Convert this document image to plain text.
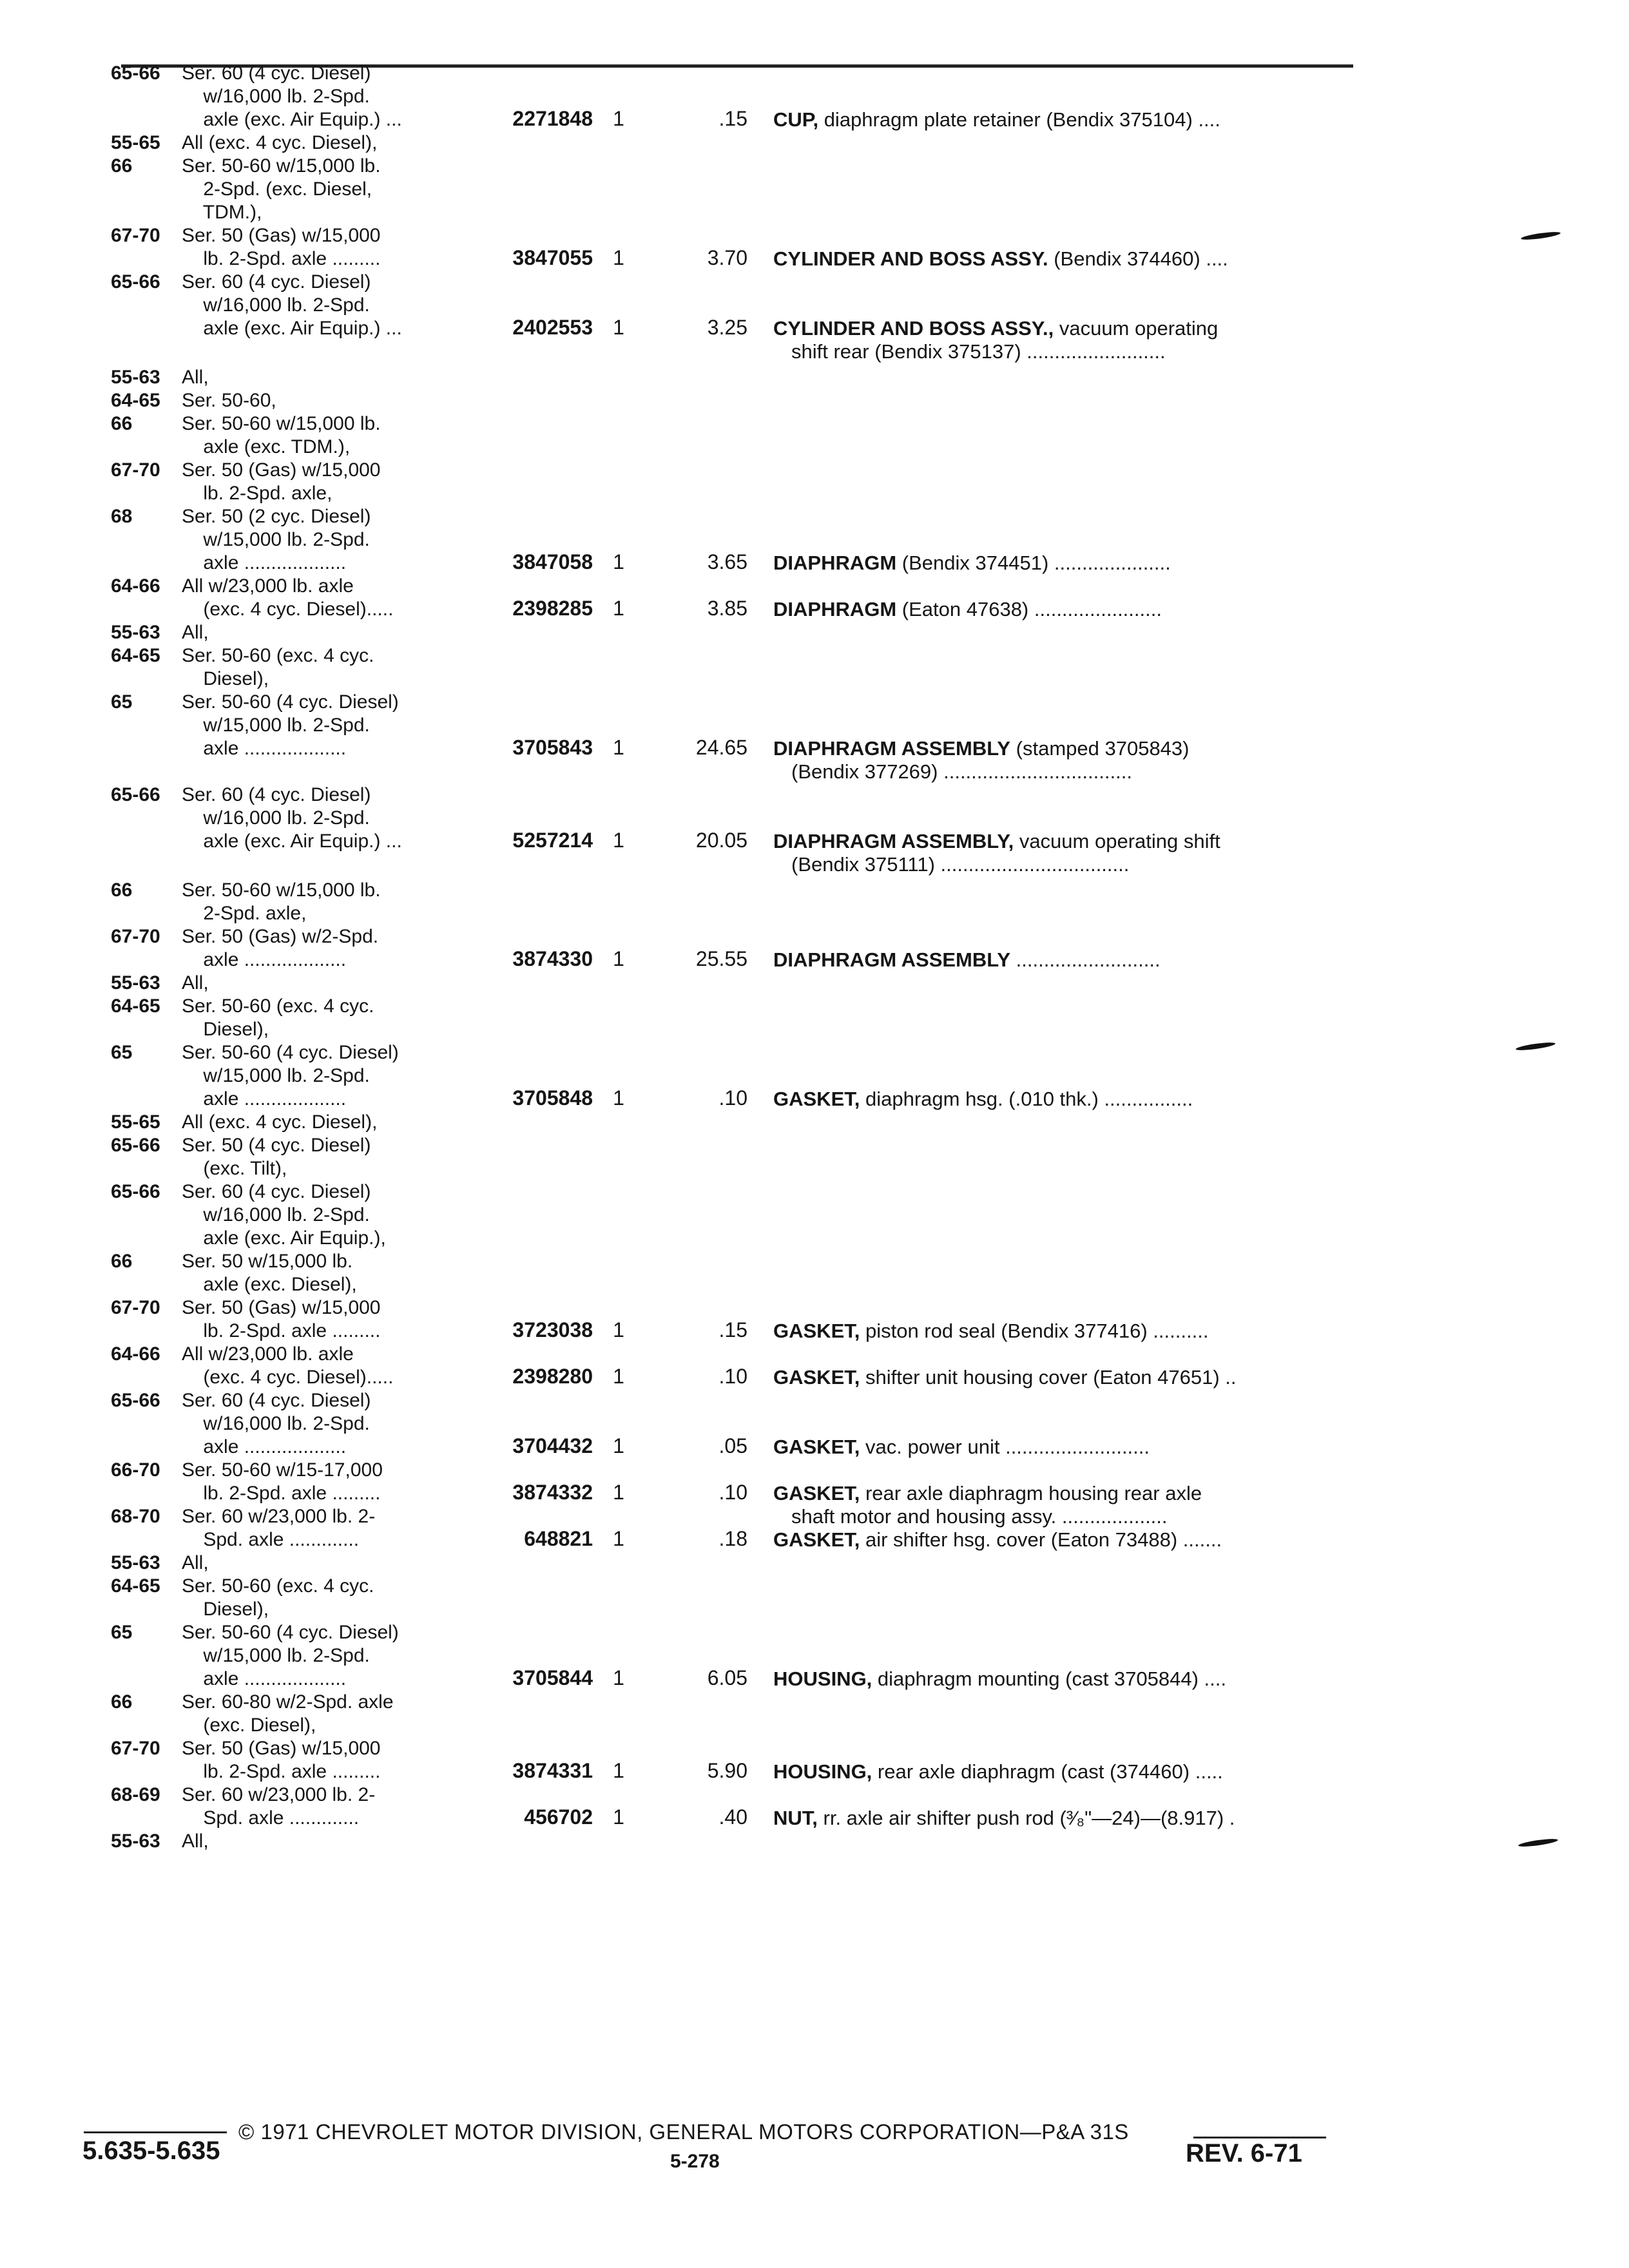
65-66	Ser. 60 (4 cyc. Diesel)
w/16,000 lb. 2-Spd.
axle (exc. Air Equip.) ...	2271848 1	.15 CUP, diaphragm plate retainer (Bendix 375104) ....
55-65	All (exc. 4 cyc. Diesel),
66	Ser. 50-60 w/15,000 lb.
2-Spd. (exc. Diesel,
TDM.),
67-70	Ser. 50 (Gas) w/15,000
lb. 2-Spd. axle .........	3847055 1	3.70 CYLINDER AND BOSS ASSY. (Bendix 374460) ....
65-66	Ser. 60 (4 cyc. Diesel)
w/16,000 lb. 2-Spd.
axle (exc. Air Equip.) ...	2402553 1	3.25 CYLINDER AND BOSS ASSY., vacuum operating
shift rear (Bendix 375137) .........................
55-63	All,
64-65	Ser. 50-60,
66	Ser. 50-60 w/15,000 lb.
axle (exc. TDM.),
67-70	Ser. 50 (Gas) w/15,000
lb. 2-Spd. axle,
68	Ser. 50 (2 cyc. Diesel)
w/15,000 lb. 2-Spd.
axle ...................	3847058 1	3.65 DIAPHRAGM (Bendix 374451) .....................
64-66	All w/23,000 lb. axle
(exc. 4 cyc. Diesel).....	2398285 1	3.85 DIAPHRAGM (Eaton 47638) .......................
55-63	All,
64-65	Ser. 50-60 (exc. 4 cyc.
Diesel),
65	Ser. 50-60 (4 cyc. Diesel)
w/15,000 lb. 2-Spd.
axle ...................	3705843 1	24.65 DIAPHRAGM ASSEMBLY (stamped 3705843)
(Bendix 377269) ..................................
65-66	Ser. 60 (4 cyc. Diesel)
w/16,000 lb. 2-Spd.
axle (exc. Air Equip.) ...	5257214 1	20.05 DIAPHRAGM ASSEMBLY, vacuum operating shift
(Bendix 375111) ..................................
66	Ser. 50-60 w/15,000 lb.
2-Spd. axle,
67-70	Ser. 50 (Gas) w/2-Spd.
axle ...................	3874330 1	25.55 DIAPHRAGM ASSEMBLY ..........................
55-63	All,
64-65	Ser. 50-60 (exc. 4 cyc.
Diesel),
65	Ser. 50-60 (4 cyc. Diesel)
w/15,000 lb. 2-Spd.
axle ...................	3705848 1	.10 GASKET, diaphragm hsg. (.010 thk.) ................
55-65	All (exc. 4 cyc. Diesel),
65-66	Ser. 50 (4 cyc. Diesel)
(exc. Tilt),
65-66	Ser. 60 (4 cyc. Diesel)
w/16,000 lb. 2-Spd.
axle (exc. Air Equip.),
66	Ser. 50 w/15,000 lb.
axle (exc. Diesel),
67-70	Ser. 50 (Gas) w/15,000
lb. 2-Spd. axle .........	3723038 1	.15 GASKET, piston rod seal (Bendix 377416) ..........
64-66	All w/23,000 lb. axle
(exc. 4 cyc. Diesel).....	2398280 1	.10 GASKET, shifter unit housing cover (Eaton 47651) ..
65-66	Ser. 60 (4 cyc. Diesel)
w/16,000 lb. 2-Spd.
axle ...................	3704432 1	.05 GASKET, vac. power unit ..........................
66-70	Ser. 50-60 w/15-17,000
lb. 2-Spd. axle .........	3874332 1	.10 GASKET, rear axle diaphragm housing rear axle
shaft motor and housing assy. ...................
68-70	Ser. 60 w/23,000 lb. 2-
Spd. axle .............	648821 1	.18 GASKET, air shifter hsg. cover (Eaton 73488) .......
55-63	All,
64-65	Ser. 50-60 (exc. 4 cyc.
Diesel),
65	Ser. 50-60 (4 cyc. Diesel)
w/15,000 lb. 2-Spd.
axle ...................	3705844 1	6.05 HOUSING, diaphragm mounting (cast 3705844) ....
66	Ser. 60-80 w/2-Spd. axle
(exc. Diesel),
67-70	Ser. 50 (Gas) w/15,000
lb. 2-Spd. axle .........	3874331 1	5.90 HOUSING, rear axle diaphragm (cast (374460) .....
68-69	Ser. 60 w/23,000 lb. 2-
Spd. axle .............	456702 1	.40 NUT, rr. axle air shifter push rod (³⁄₈"—24)—(8.917) .
55-63	All,
© 1971 CHEVROLET MOTOR DIVISION, GENERAL MOTORS CORPORATION—P&A 31S
5.635-5.635	5-278	REV. 6-71
